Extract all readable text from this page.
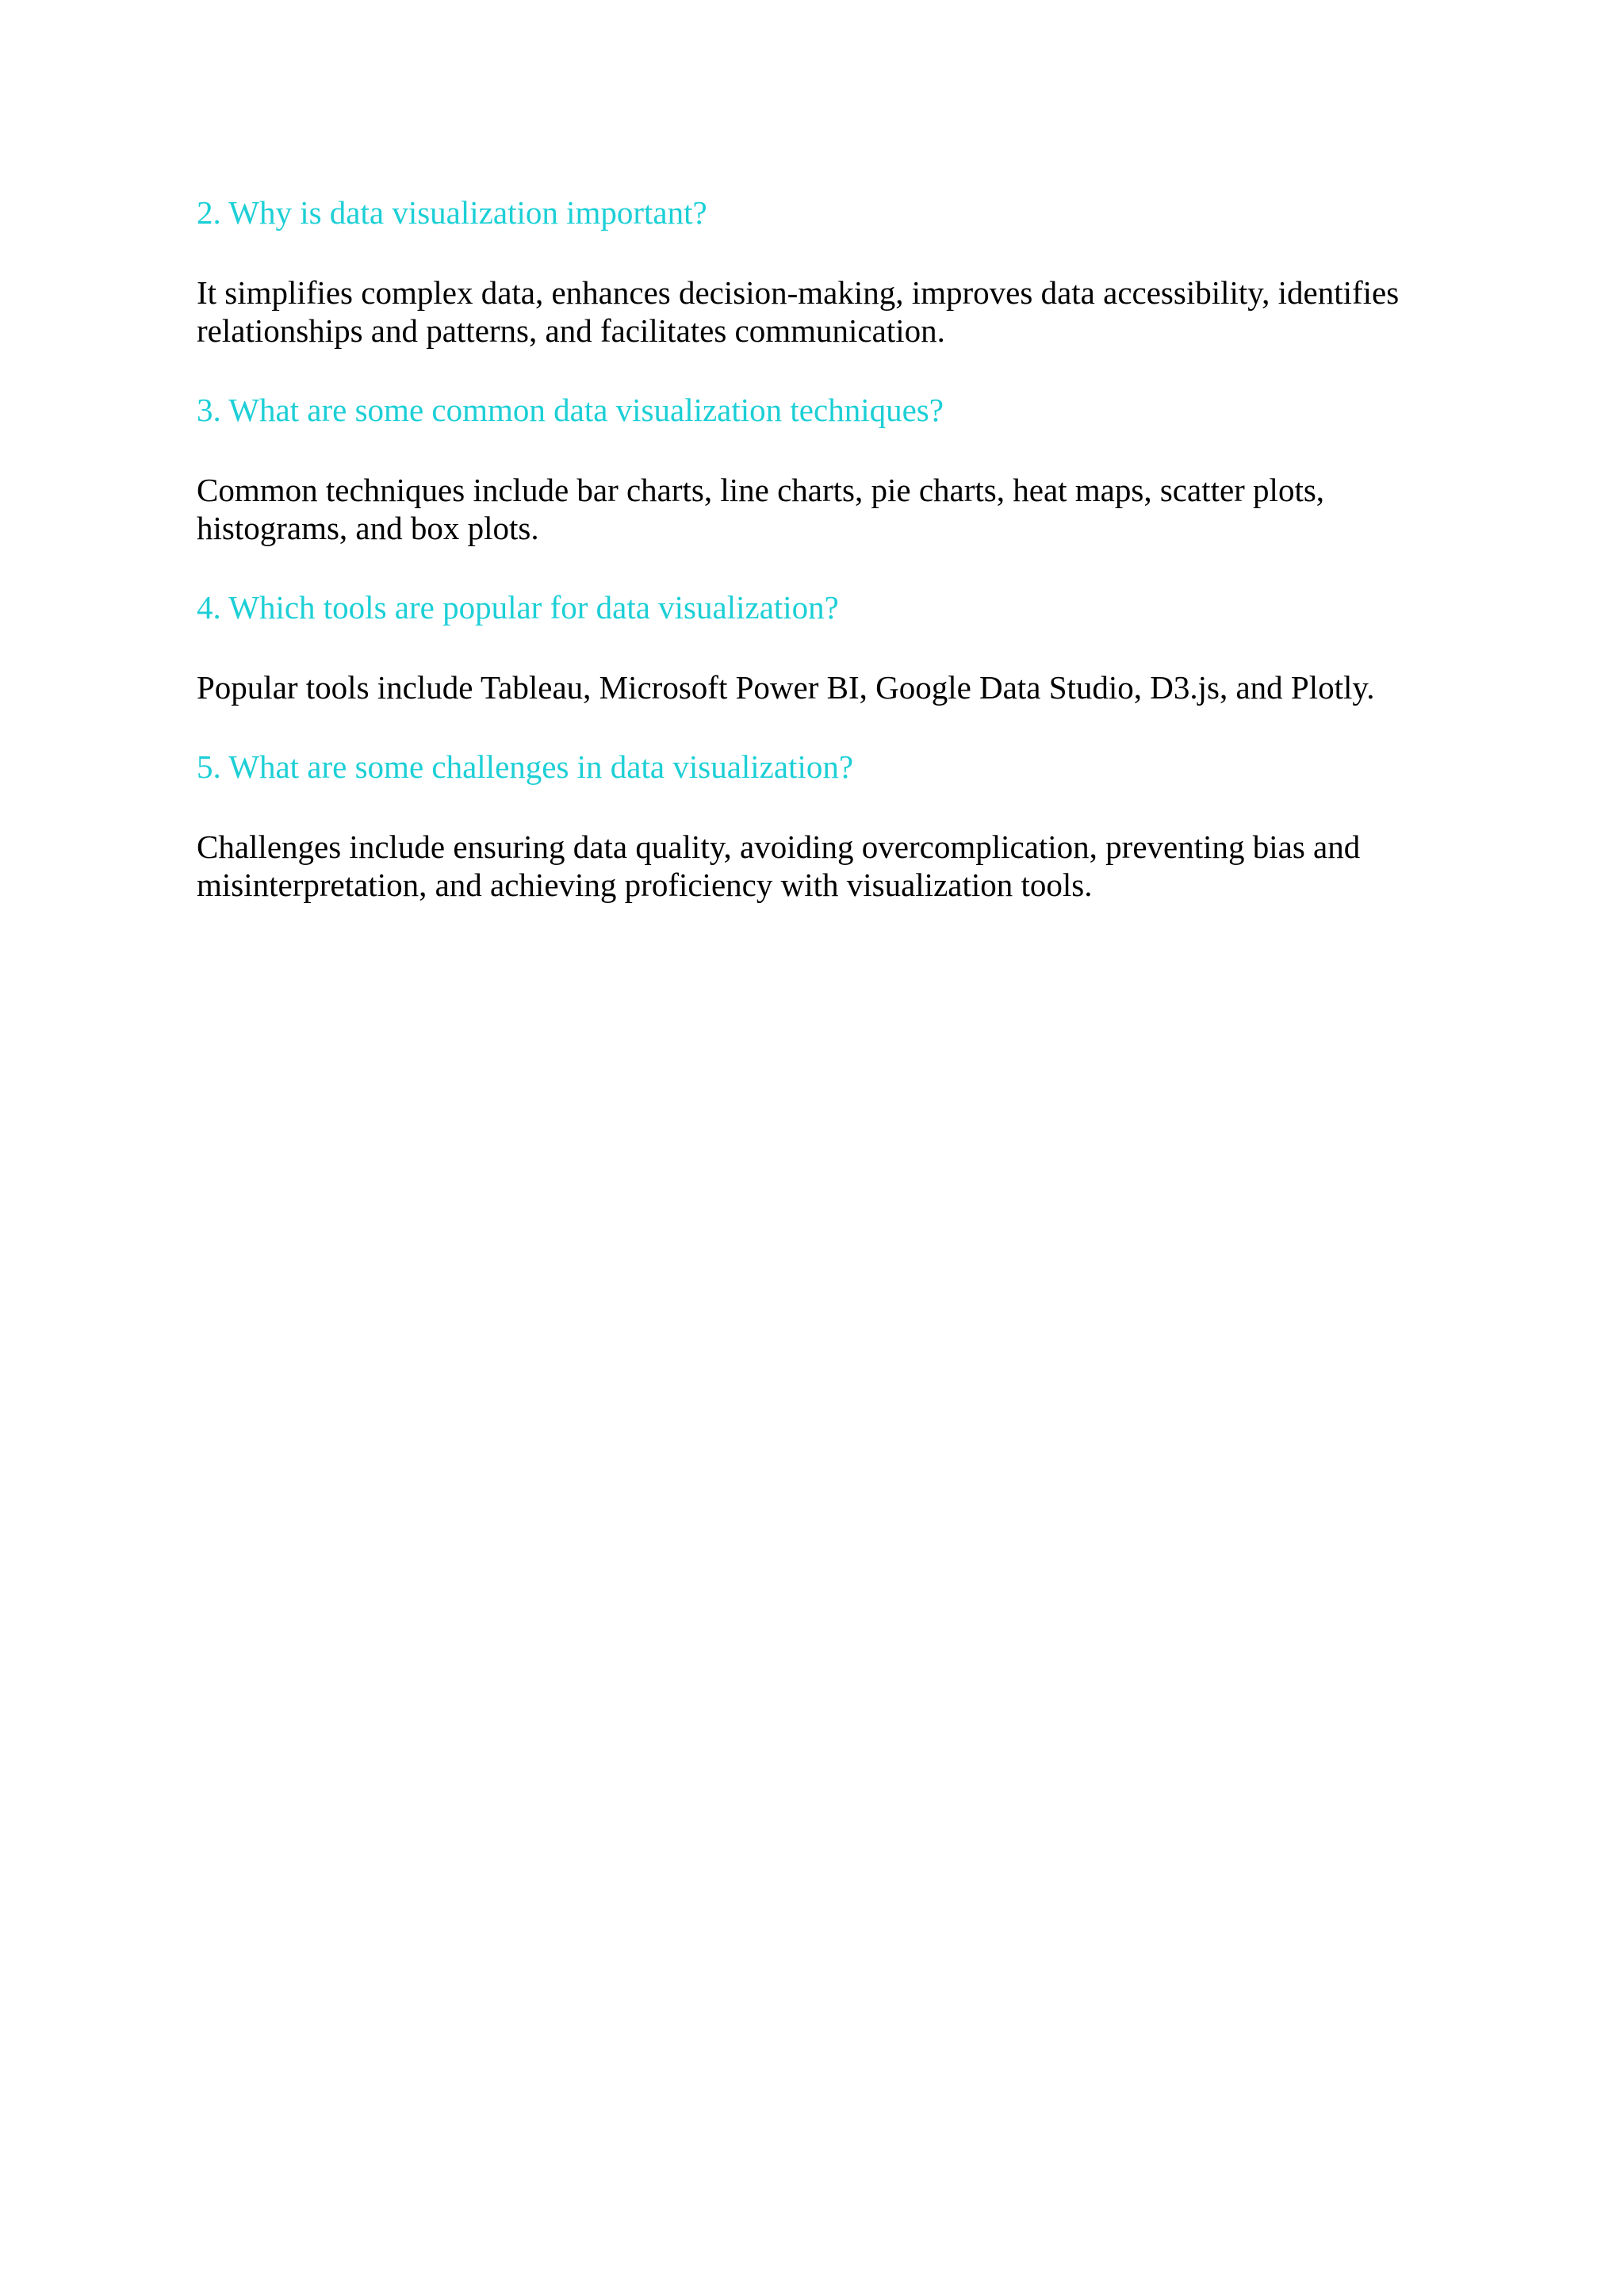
2. Why is data visualization important?

It simplifies complex data, enhances decision-making, improves data accessibility, identifies relationships and patterns, and facilitates communication.

3. What are some common data visualization techniques?

Common techniques include bar charts, line charts, pie charts, heat maps, scatter plots, histograms, and box plots.

4. Which tools are popular for data visualization?

Popular tools include Tableau, Microsoft Power BI, Google Data Studio, D3.js, and Plotly.

5. What are some challenges in data visualization?

Challenges include ensuring data quality, avoiding overcomplication, preventing bias and misinterpretation, and achieving proficiency with visualization tools.
